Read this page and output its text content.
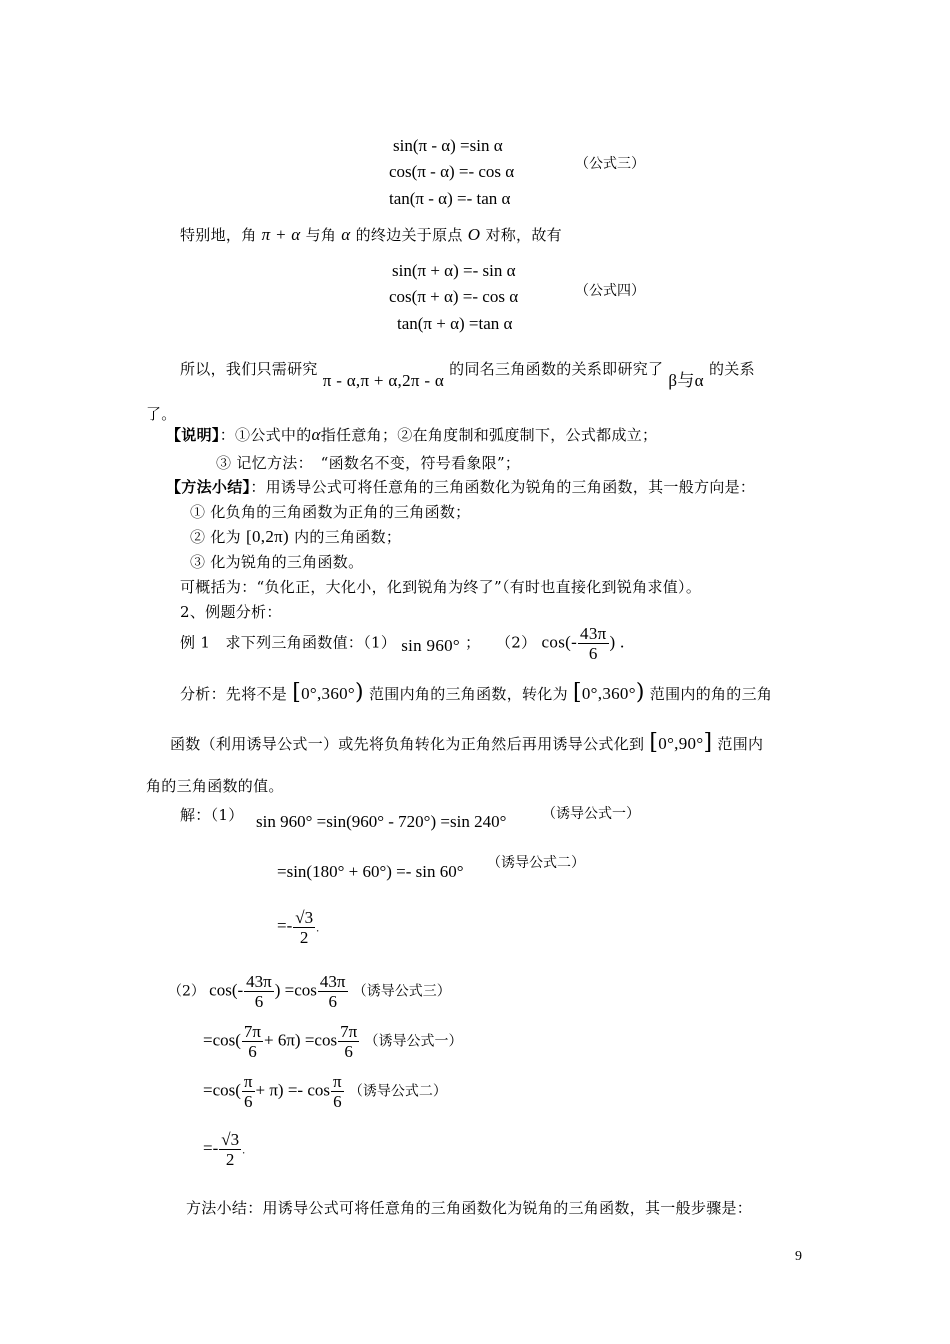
sin(π - α) =sin α
cos(π - α) =- cos α
tan(π - α) =- tan α
（公式三）
特别地，角 π + α 与角 α 的终边关于原点 O 对称，故有
sin(π + α) =- sin α
cos(π + α) =- cos α
tan(π + α) =tan α
（公式四）
所以，我们只需研究 π - α,π + α,2π - α 的同名三角函数的关系即研究了 β与α 的关系
了。
【说明】：①公式中的α指任意角；②在角度制和弧度制下，公式都成立；
③ 记忆方法：　“函数名不变，符号看象限”；
【方法小结】：用诱导公式可将任意角的三角函数化为锐角的三角函数，其一般方向是：
① 化负角的三角函数为正角的三角函数；
② 化为 [0,2π) 内的三角函数；
③ 化为锐角的三角函数。
可概括为：“负化正，大化小，化到锐角为终了”（有时也直接化到锐角求值）。
2、例题分析：
例 1　求下列三角函数值：（1） sin 960° ；　　（2） $\cos(- \frac{43\pi}{6}$ ) .
分析：先将不是 [0°,360°) 范围内角的三角函数，转化为 [0°,360°) 范围内的角的三角
函数（利用诱导公式一）或先将负角转化为正角然后再用诱导公式化到 [0°,90°] 范围内
角的三角函数的值。
解：（1） sin 960° =sin(960° - 720°) =sin 240°	（诱导公式一）
=sin(180° + 60°) =- sin 60° （诱导公式二）
=- $\frac{√3}{2}$ .
（2） $\cos(- \frac{43\pi}{6}$ ) $=\cos \frac{43\pi}{6}$ （诱导公式三）
$=\cos( \frac{7\pi}{6} + 6\pi) =\cos \frac{7\pi}{6}$ （诱导公式一）
$=\cos( \frac{\pi}{6} + \pi) =- \cos \frac{\pi}{6}$ （诱导公式二）
=- $\frac{√3}{2}$ .
方法小结：用诱导公式可将任意角的三角函数化为锐角的三角函数，其一般步骤是：
9
